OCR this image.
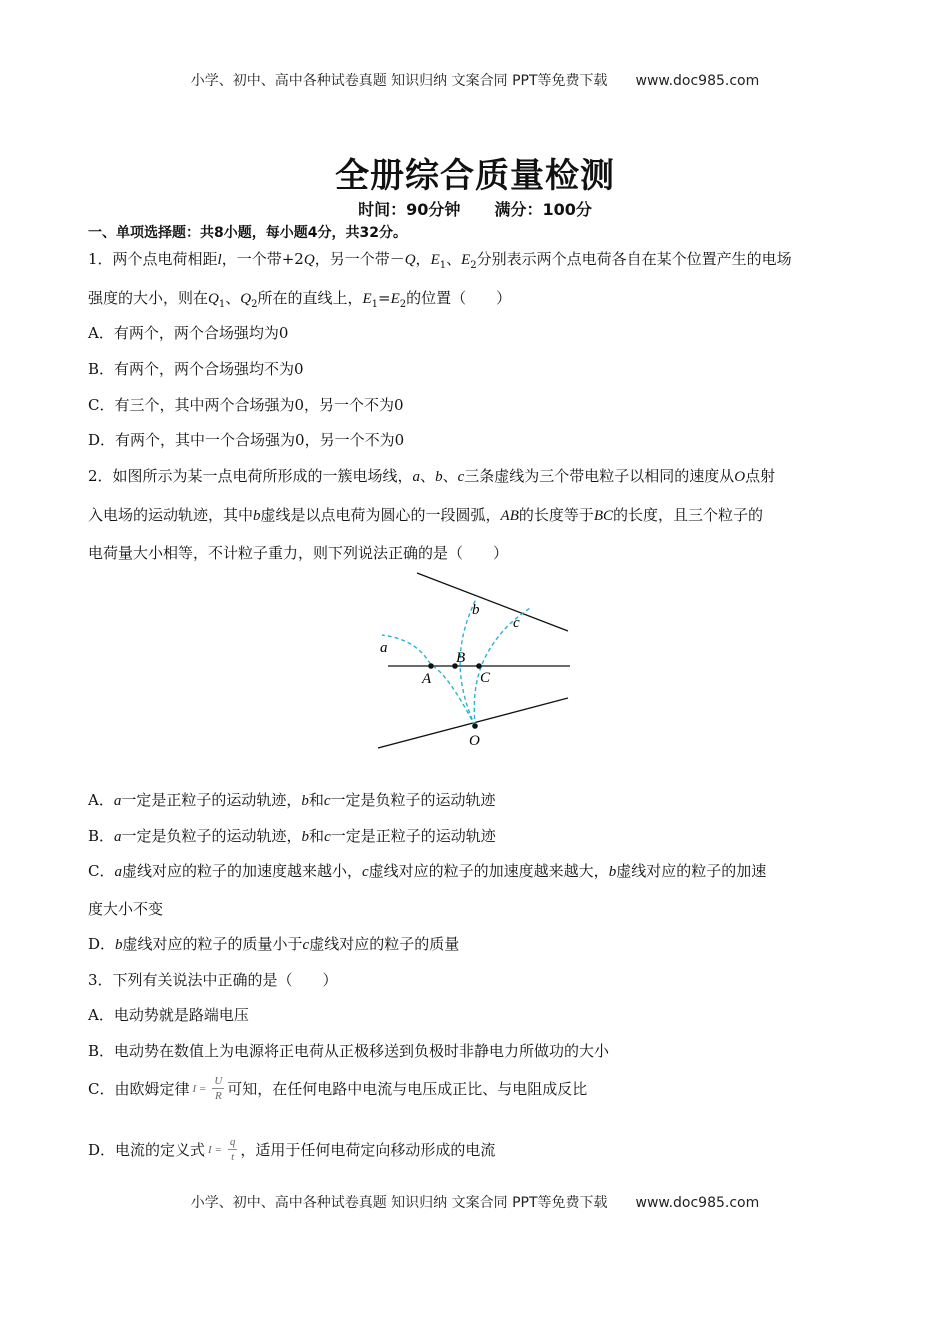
小学、初中、高中各种试卷真题 知识归纳 文案合同 PPT等免费下载 www.doc985.com
全册综合质量检测
时间：90分钟 满分：100分
一、单项选择题：共8小题，每小题4分，共32分。
1．两个点电荷相距l，一个带+2Q，另一个带－Q，$E_1$、$E_2$分别表示两个点电荷各自在某个位置产生的电场
强度的大小，则在$Q_1$、$Q_2$所在的直线上，$E_1=E_2$的位置（　　）
A．有两个，两个合场强均为0
B．有两个，两个合场强均不为0
C．有三个，其中两个合场强为0，另一个不为0
D．有两个，其中一个合场强为0，另一个不为0
2．如图所示为某一点电荷所形成的一簇电场线，a、b、c三条虚线为三个带电粒子以相同的速度从O点射
入电场的运动轨迹，其中b虚线是以点电荷为圆心的一段圆弧，AB的长度等于BC的长度，且三个粒子的
电荷量大小相等，不计粒子重力，则下列说法正确的是（　　）
a
b
c
A
B
C
O
A．a一定是正粒子的运动轨迹，b和c一定是负粒子的运动轨迹
B．a一定是负粒子的运动轨迹，b和c一定是正粒子的运动轨迹
C．a虚线对应的粒子的加速度越来越小，c虚线对应的粒子的加速度越来越大，b虚线对应的粒子的加速
度大小不变
D．b虚线对应的粒子的质量小于c虚线对应的粒子的质量
3．下列有关说法中正确的是（　　）
A．电动势就是路端电压
B．电动势在数值上为电源将正电荷从正极移送到负极时非静电力所做功的大小
C．由欧姆定律 $I = \frac{U}{R}$ 可知，在任何电路中电流与电压成正比、与电阻成反比
D．电流的定义式 $I = \frac{q}{t}$ ，适用于任何电荷定向移动形成的电流
小学、初中、高中各种试卷真题 知识归纳 文案合同 PPT等免费下载 www.doc985.com
